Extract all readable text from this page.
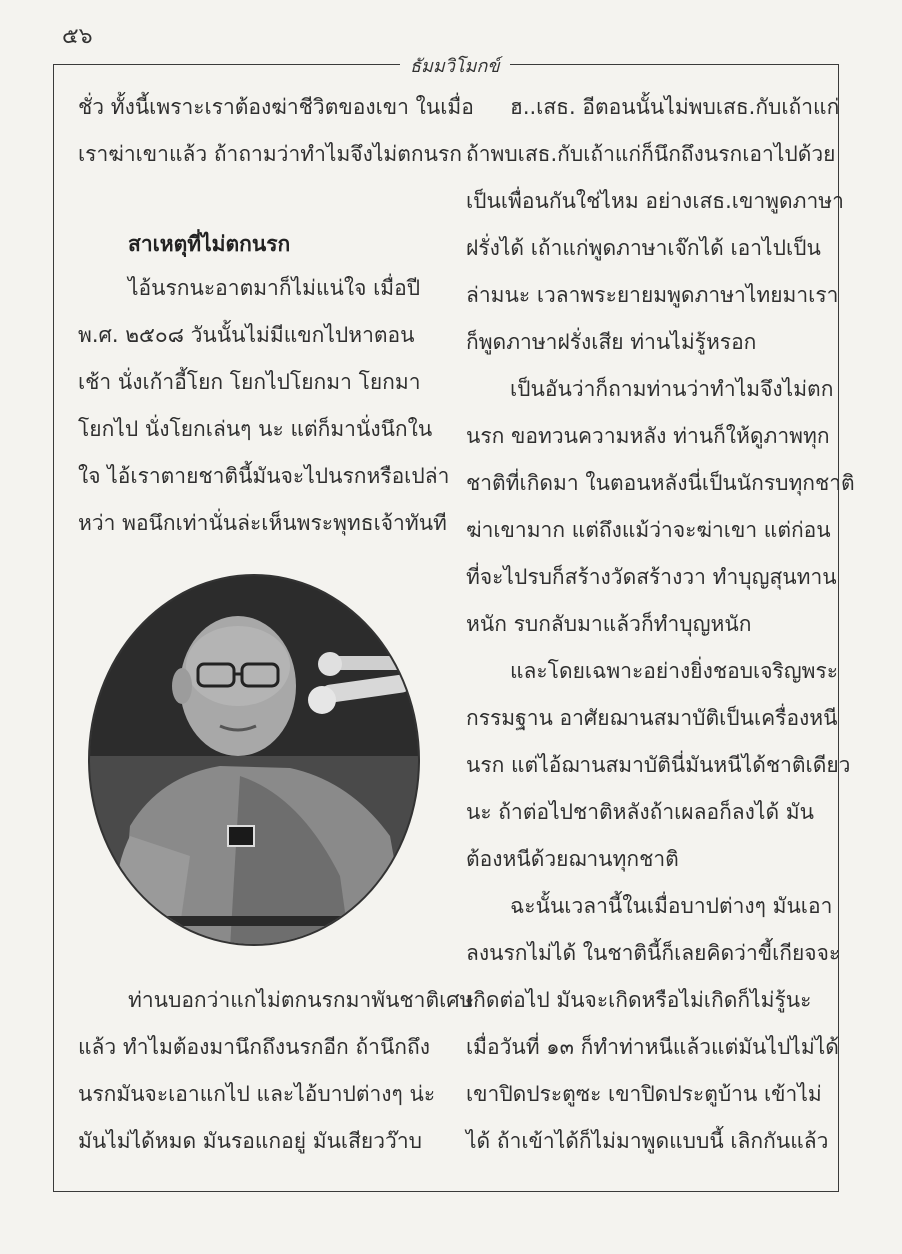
๕๖
ธัมมวิโมกข์
ชั่ว ทั้งนี้เพราะเราต้องฆ่าชีวิตของเขา ในเมื่อ
เราฆ่าเขาแล้ว ถ้าถามว่าทำไมจึงไม่ตกนรก
สาเหตุที่ไม่ตกนรก
ไอ้นรกนะอาตมาก็ไม่แน่ใจ เมื่อปี
พ.ศ. ๒๕๐๘ วันนั้นไม่มีแขกไปหาตอน
เช้า นั่งเก้าอี้โยก โยกไปโยกมา โยกมา
โยกไป นั่งโยกเล่นๆ นะ แต่ก็มานั่งนึกใน
ใจ ไอ้เราตายชาตินี้มันจะไปนรกหรือเปล่า
หว่า พอนึกเท่านั่นล่ะเห็นพระพุทธเจ้าทันที
ท่านบอกว่าแกไม่ตกนรกมาพันชาติเศษ
แล้ว ทำไมต้องมานึกถึงนรกอีก ถ้านึกถึง
นรกมันจะเอาแกไป และไอ้บาปต่างๆ น่ะ
มันไม่ได้หมด มันรอแกอยู่ มันเสียวว๊าบ
ฮ..เสธ. อีตอนนั้นไม่พบเสธ.กับเถ้าแก่
ถ้าพบเสธ.กับเถ้าแก่ก็นึกถึงนรกเอาไปด้วย
เป็นเพื่อนกันใช่ไหม อย่างเสธ.เขาพูดภาษา
ฝรั่งได้ เถ้าแก่พูดภาษาเจ๊กได้ เอาไปเป็น
ล่ามนะ เวลาพระยายมพูดภาษาไทยมาเรา
ก็พูดภาษาฝรั่งเสีย ท่านไม่รู้หรอก
เป็นอันว่าก็ถามท่านว่าทำไมจึงไม่ตก
นรก ขอทวนความหลัง ท่านก็ให้ดูภาพทุก
ชาติที่เกิดมา ในตอนหลังนี่เป็นนักรบทุกชาติ
ฆ่าเขามาก แต่ถึงแม้ว่าจะฆ่าเขา แต่ก่อน
ที่จะไปรบก็สร้างวัดสร้างวา ทำบุญสุนทาน
หนัก รบกลับมาแล้วก็ทำบุญหนัก
และโดยเฉพาะอย่างยิ่งชอบเจริญพระ
กรรมฐาน อาศัยฌานสมาบัติเป็นเครื่องหนี
นรก แต่ไอ้ฌานสมาบัตินี่มันหนีได้ชาติเดียว
นะ ถ้าต่อไปชาติหลังถ้าเผลอก็ลงได้ มัน
ต้องหนีด้วยฌานทุกชาติ
ฉะนั้นเวลานี้ในเมื่อบาปต่างๆ มันเอา
ลงนรกไม่ได้ ในชาตินี้ก็เลยคิดว่าขี้เกียจจะ
เกิดต่อไป มันจะเกิดหรือไม่เกิดก็ไม่รู้นะ
เมื่อวันที่ ๑๓ ก็ทำท่าหนีแล้วแต่มันไปไม่ได้
เขาปิดประตูซะ เขาปิดประตูบ้าน เข้าไม่
ได้ ถ้าเข้าได้ก็ไม่มาพูดแบบนี้ เลิกกันแล้ว
